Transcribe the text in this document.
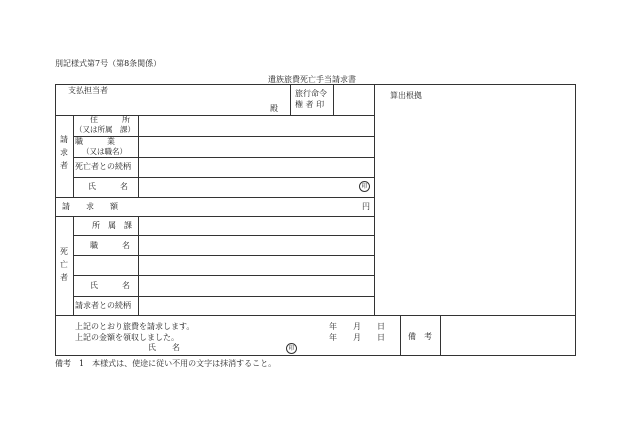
別記様式第7号（第8条関係）
遺族旅費死亡手当請求書
支払担当者
殿
旅行命令
権 者 印
算出根拠
請求者
住　　　所
（又は所属　課）
職　　　業
（又は職名）
死亡者との続柄
氏　　　名	印
請　　求　　額	円
死亡者
所　属　課
職　　　名
氏　　　名
請求者との続柄
上記のとおり旅費を請求します。
上記の金額を領収しました。
氏　　名	印
年 月 日
年 月 日	備　考
備考　1　本様式は、使途に従い不用の文字は抹消すること。
